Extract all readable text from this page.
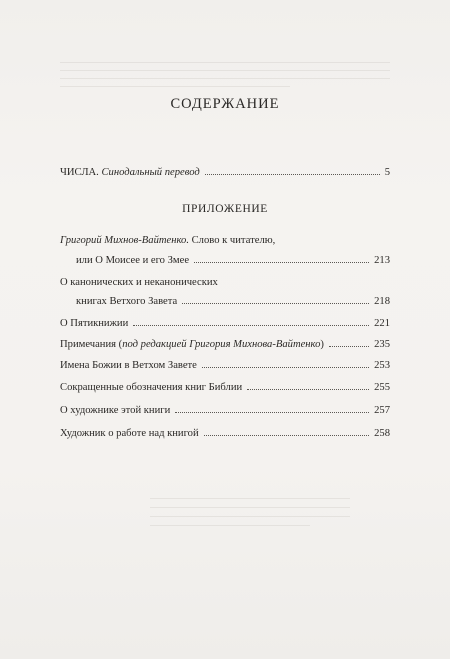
СОДЕРЖАНИЕ
ЧИСЛА. Синодальный перевод	5
ПРИЛОЖЕНИЕ
Григорий Михнов-Вайтенко. Слово к читателю,
или О Моисее и его Змее	213
О канонических и неканонических
книгах Ветхого Завета	218
О Пятикнижии	221
Примечания (под редакцией Григория Михнова-Вайтенко)	235
Имена Божии в Ветхом Завете	253
Сокращенные обозначения книг Библии	255
О художнике этой книги	257
Художник о работе над книгой	258
